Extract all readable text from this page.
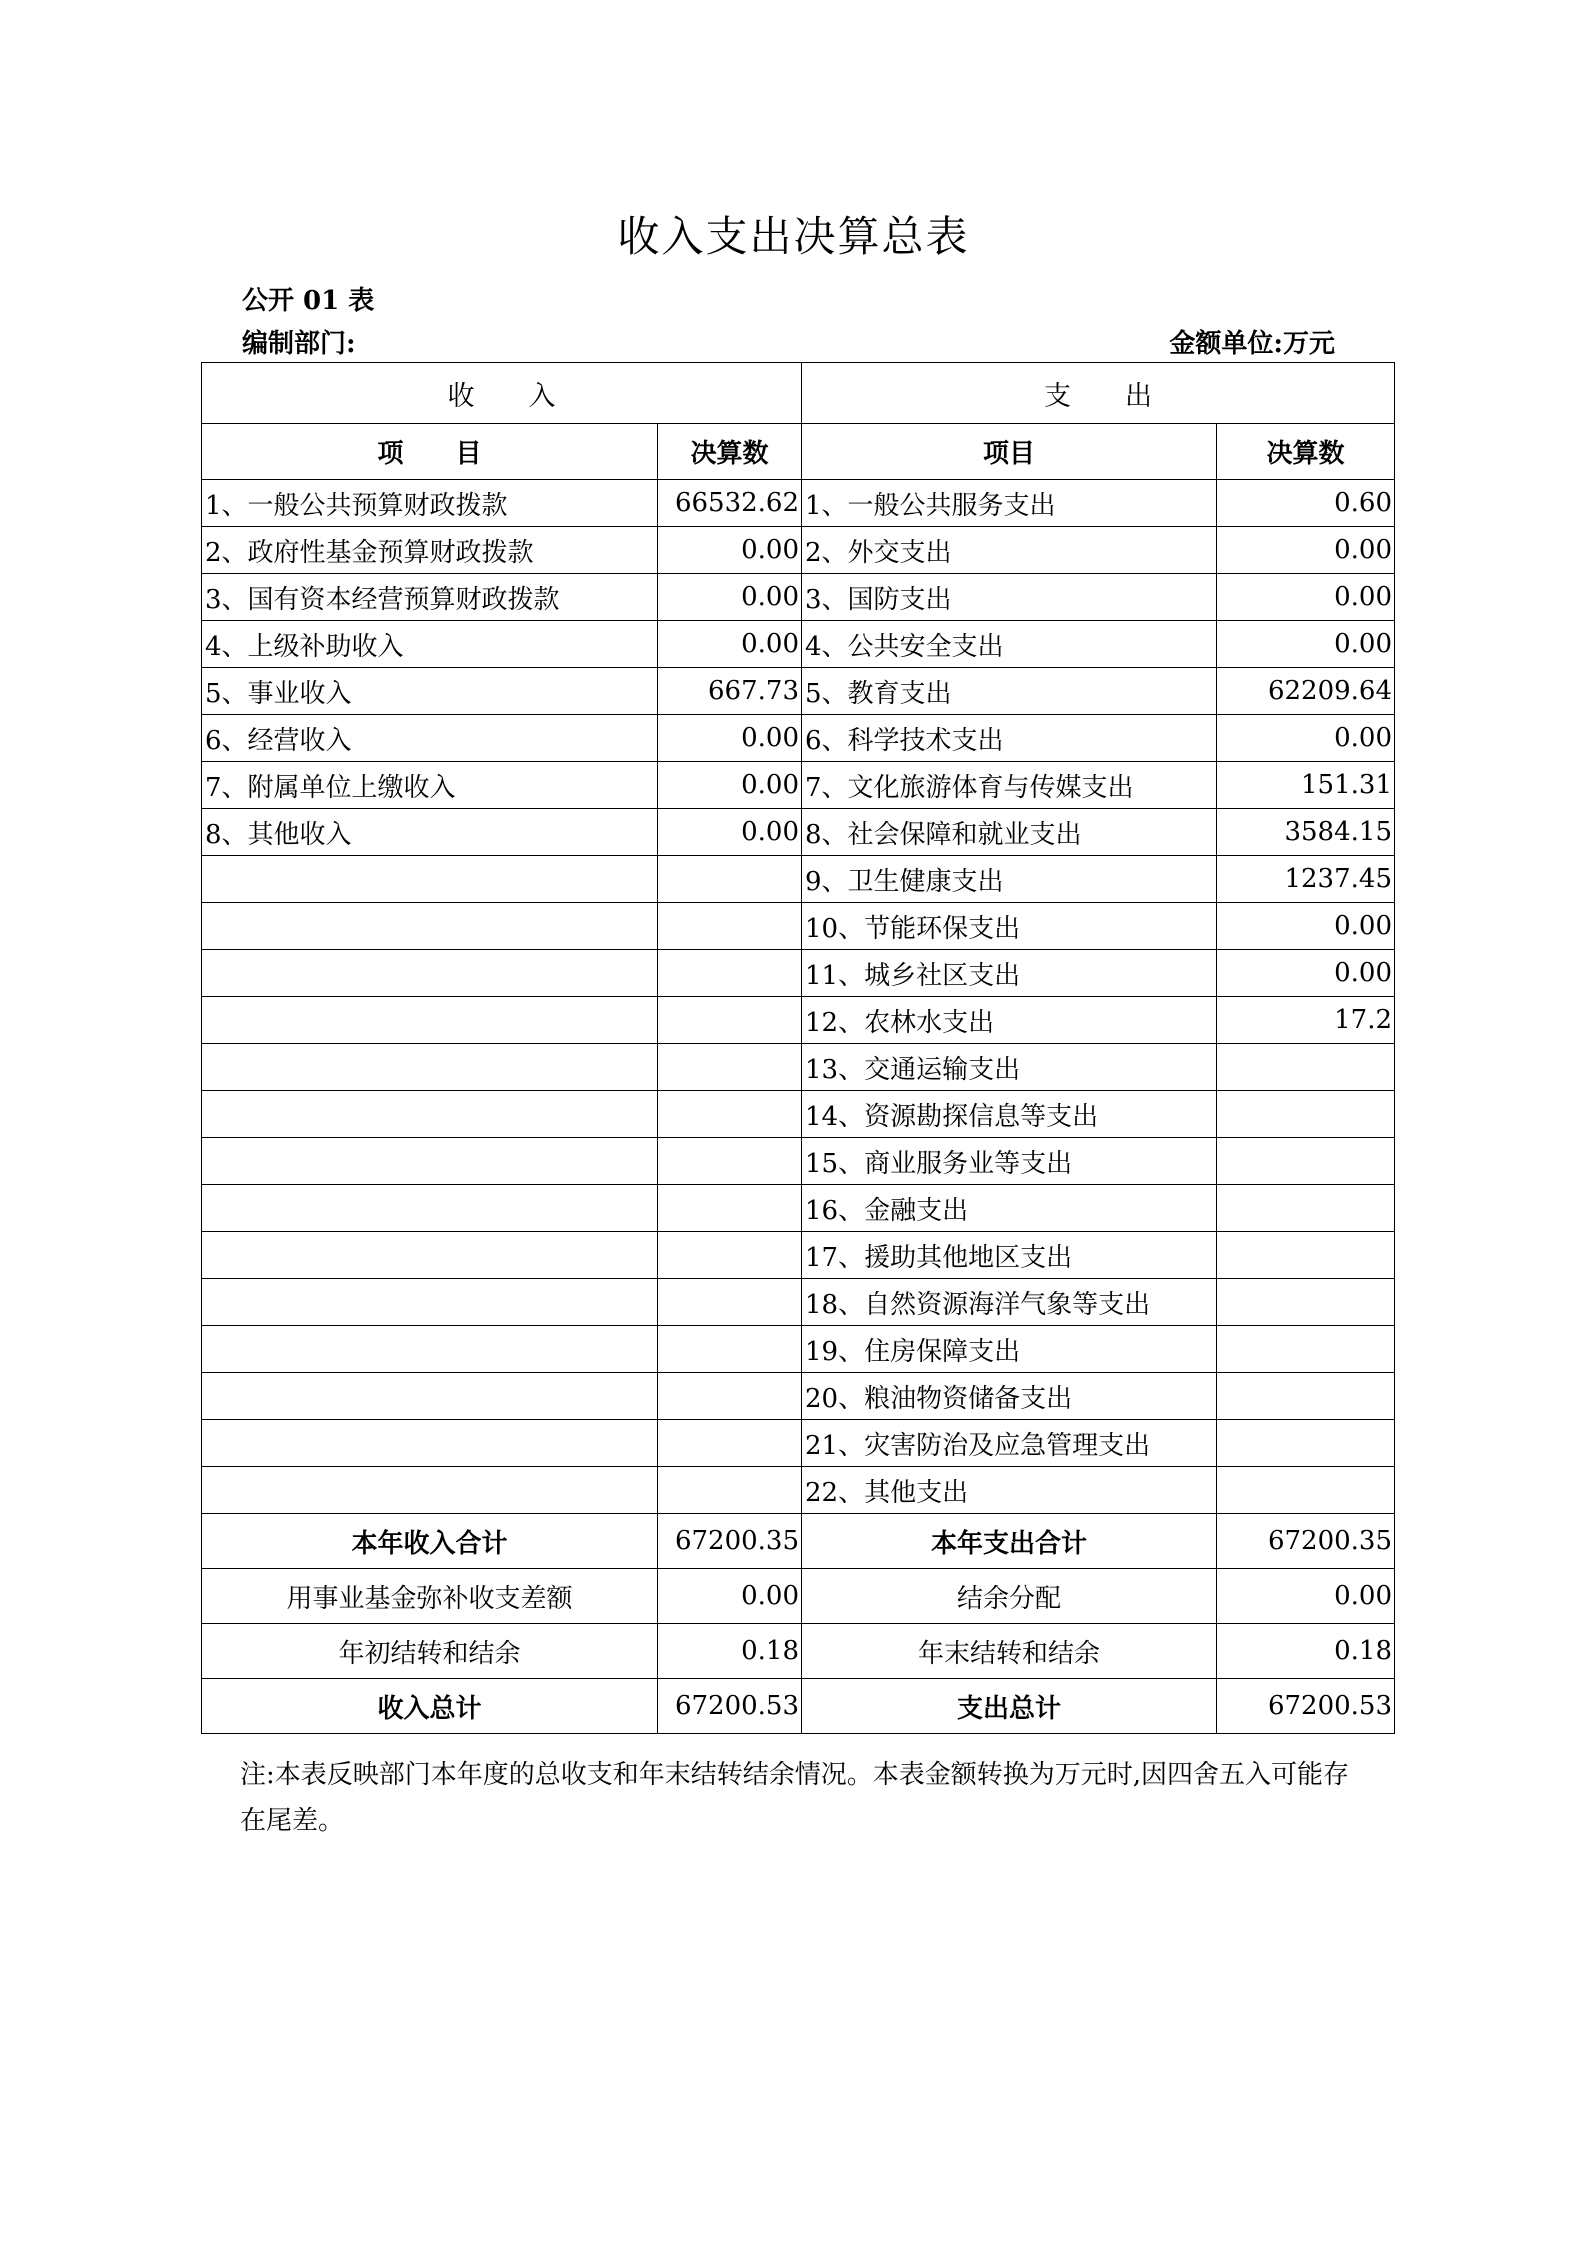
收入支出决算总表
公开 01 表
编制部门:	金额单位:万元
收　　入		支　　出	
项　　目	决算数	项目	决算数
1、一般公共预算财政拨款	66532.62	1、一般公共服务支出	0.60
2、政府性基金预算财政拨款	0.00	2、外交支出	0.00
3、国有资本经营预算财政拨款	0.00	3、国防支出	0.00
4、上级补助收入	0.00	4、公共安全支出	0.00
5、事业收入	667.73	5、教育支出	62209.64
6、经营收入	0.00	6、科学技术支出	0.00
7、附属单位上缴收入	0.00	7、文化旅游体育与传媒支出	151.31
8、其他收入	0.00	8、社会保障和就业支出	3584.15
		9、卫生健康支出	1237.45
		10、节能环保支出	0.00
		11、城乡社区支出	0.00
		12、农林水支出	17.2
		13、交通运输支出	
		14、资源勘探信息等支出	
		15、商业服务业等支出	
		16、金融支出	
		17、援助其他地区支出	
		18、自然资源海洋气象等支出	
		19、住房保障支出	
		20、粮油物资储备支出	
		21、灾害防治及应急管理支出	
		22、其他支出	
本年收入合计	67200.35	本年支出合计	67200.35
用事业基金弥补收支差额	0.00	结余分配	0.00
年初结转和结余	0.18	年末结转和结余	0.18
收入总计	67200.53	支出总计	67200.53
注:本表反映部门本年度的总收支和年末结转结余情况。本表金额转换为万元时,因四舍五入可能存在尾差。
